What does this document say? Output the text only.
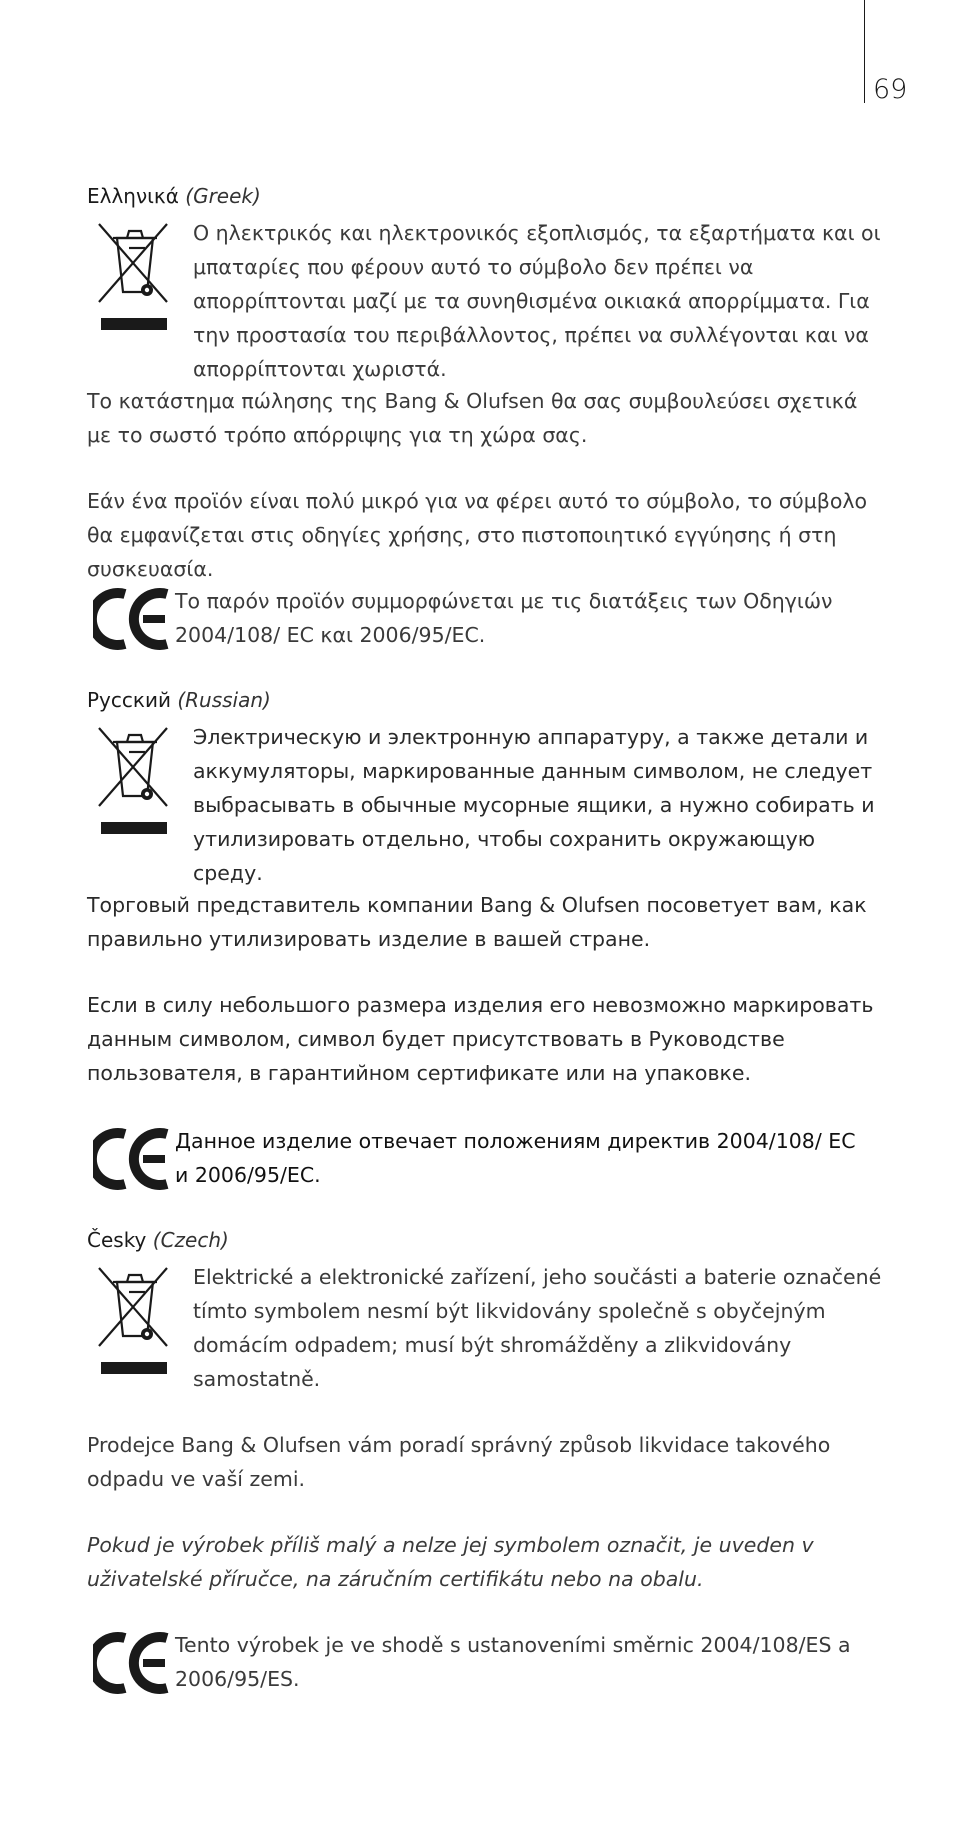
69
Ελληνικά (Greek)

Ο ηλεκτρικός και ηλεκτρονικός εξοπλισμός, τα εξαρτήματα και οι μπαταρίες που φέρουν αυτό το σύμβολο δεν πρέπει να απορρίπτονται μαζί με τα συνηθισμένα οικιακά απορρίμματα. Για την προστασία του περιβάλλοντος, πρέπει να συλλέγονται και να απορρίπτονται χωριστά.

Το κατάστημα πώλησης της Bang & Olufsen θα σας συμβουλεύσει σχετικά με το σωστό τρόπο απόρριψης για τη χώρα σας.

Εάν ένα προϊόν είναι πολύ μικρό για να φέρει αυτό το σύμβολο, το σύμβολο θα εμφανίζεται στις οδηγίες χρήσης, στο πιστοποιητικό εγγύησης ή στη συσκευασία.

Το παρόν προϊόν συμμορφώνεται με τις διατάξεις των Οδηγιών 2004/108/ EC και 2006/95/EC.

Русский (Russian)

Электрическую и электронную аппаратуру, а также детали и аккумуляторы, маркированные данным символом, не следует выбрасывать в обычные мусорные ящики, а нужно собирать и утилизировать отдельно, чтобы сохранить окружающую среду.

Торговый представитель компании Bang & Olufsen посоветует вам, как правильно утилизировать изделие в вашей стране.

Если в силу небольшого размера изделия его невозможно маркировать данным символом, символ будет присутствовать в Руководстве пользователя, в гарантийном сертификате или на упаковке.

Данное изделие отвечает положениям директив 2004/108/ EC и 2006/95/EC.

Česky (Czech)

Elektrické a elektronické zařízení, jeho součásti a baterie označené tímto symbolem nesmí být likvidovány společně s obyčejným domácím odpadem; musí být shromážděny a zlikvidovány samostatně.

Prodejce Bang & Olufsen vám poradí správný způsob likvidace takového odpadu ve vaší zemi.

Pokud je výrobek příliš malý a nelze jej symbolem označit, je uveden v uživatelské příručce, na záručním certifikátu nebo na obalu.

Tento výrobek je ve shodě s ustanoveními směrnic 2004/108/ES a 2006/95/ES.
